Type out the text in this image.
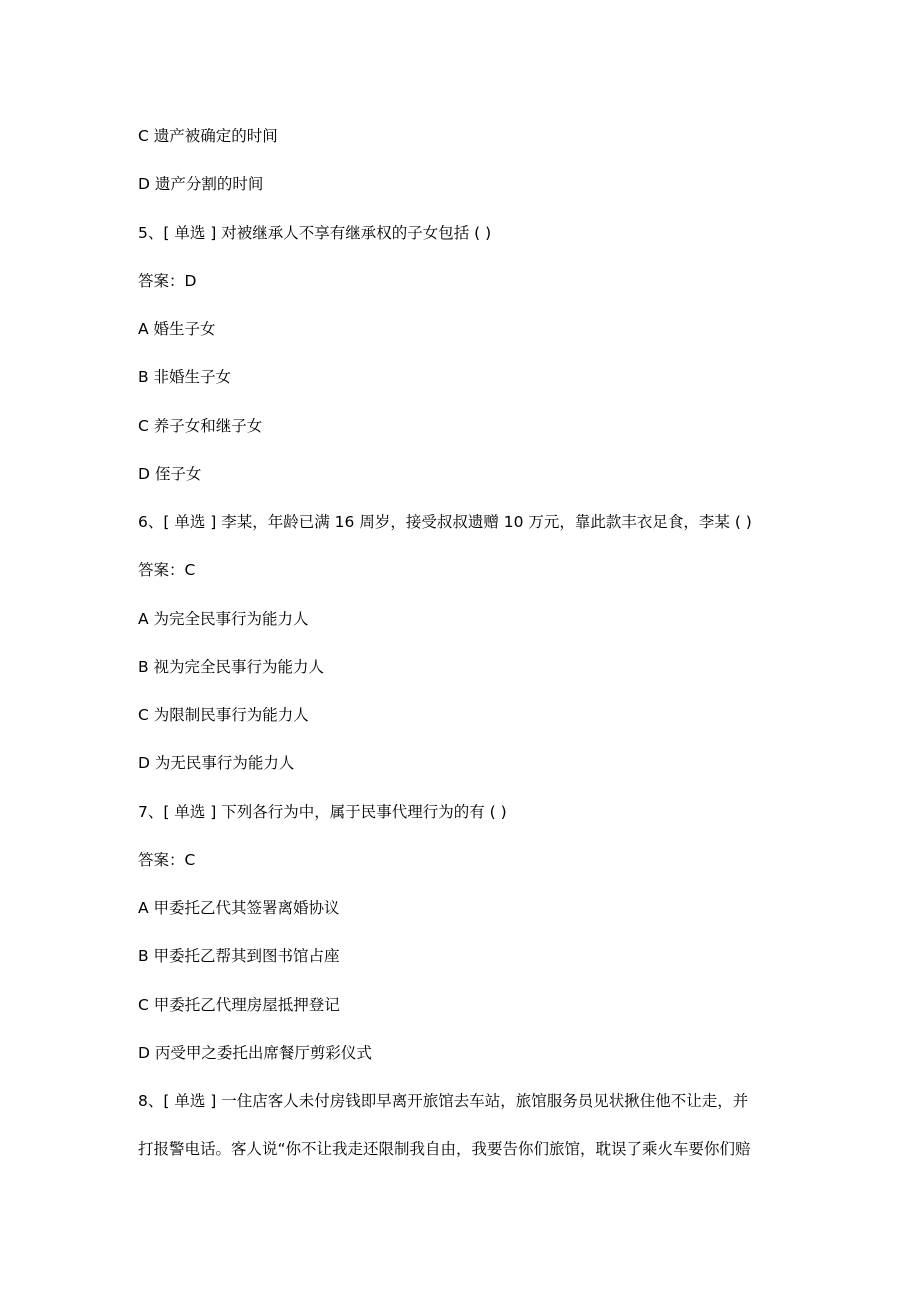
C 遗产被确定的时间
D 遗产分割的时间
5、[ 单选 ] 对被继承人不享有继承权的子女包括 ( )
答案：D
A 婚生子女
B 非婚生子女
C 养子女和继子女
D 侄子女
6、[ 单选 ] 李某，年龄已满 16 周岁，接受叔叔遗赠 10 万元，靠此款丰衣足食，李某 ( )
答案：C
A 为完全民事行为能力人
B 视为完全民事行为能力人
C 为限制民事行为能力人
D 为无民事行为能力人
7、[ 单选 ] 下列各行为中，属于民事代理行为的有 ( )
答案：C
A 甲委托乙代其签署离婚协议
B 甲委托乙帮其到图书馆占座
C 甲委托乙代理房屋抵押登记
D 丙受甲之委托出席餐厅剪彩仪式
8、[ 单选 ] 一住店客人未付房钱即早离开旅馆去车站，旅馆服务员见状揪住他不让走，并
打报警电话。客人说“你不让我走还限制我自由，我要告你们旅馆，耽误了乘火车要你们赔
